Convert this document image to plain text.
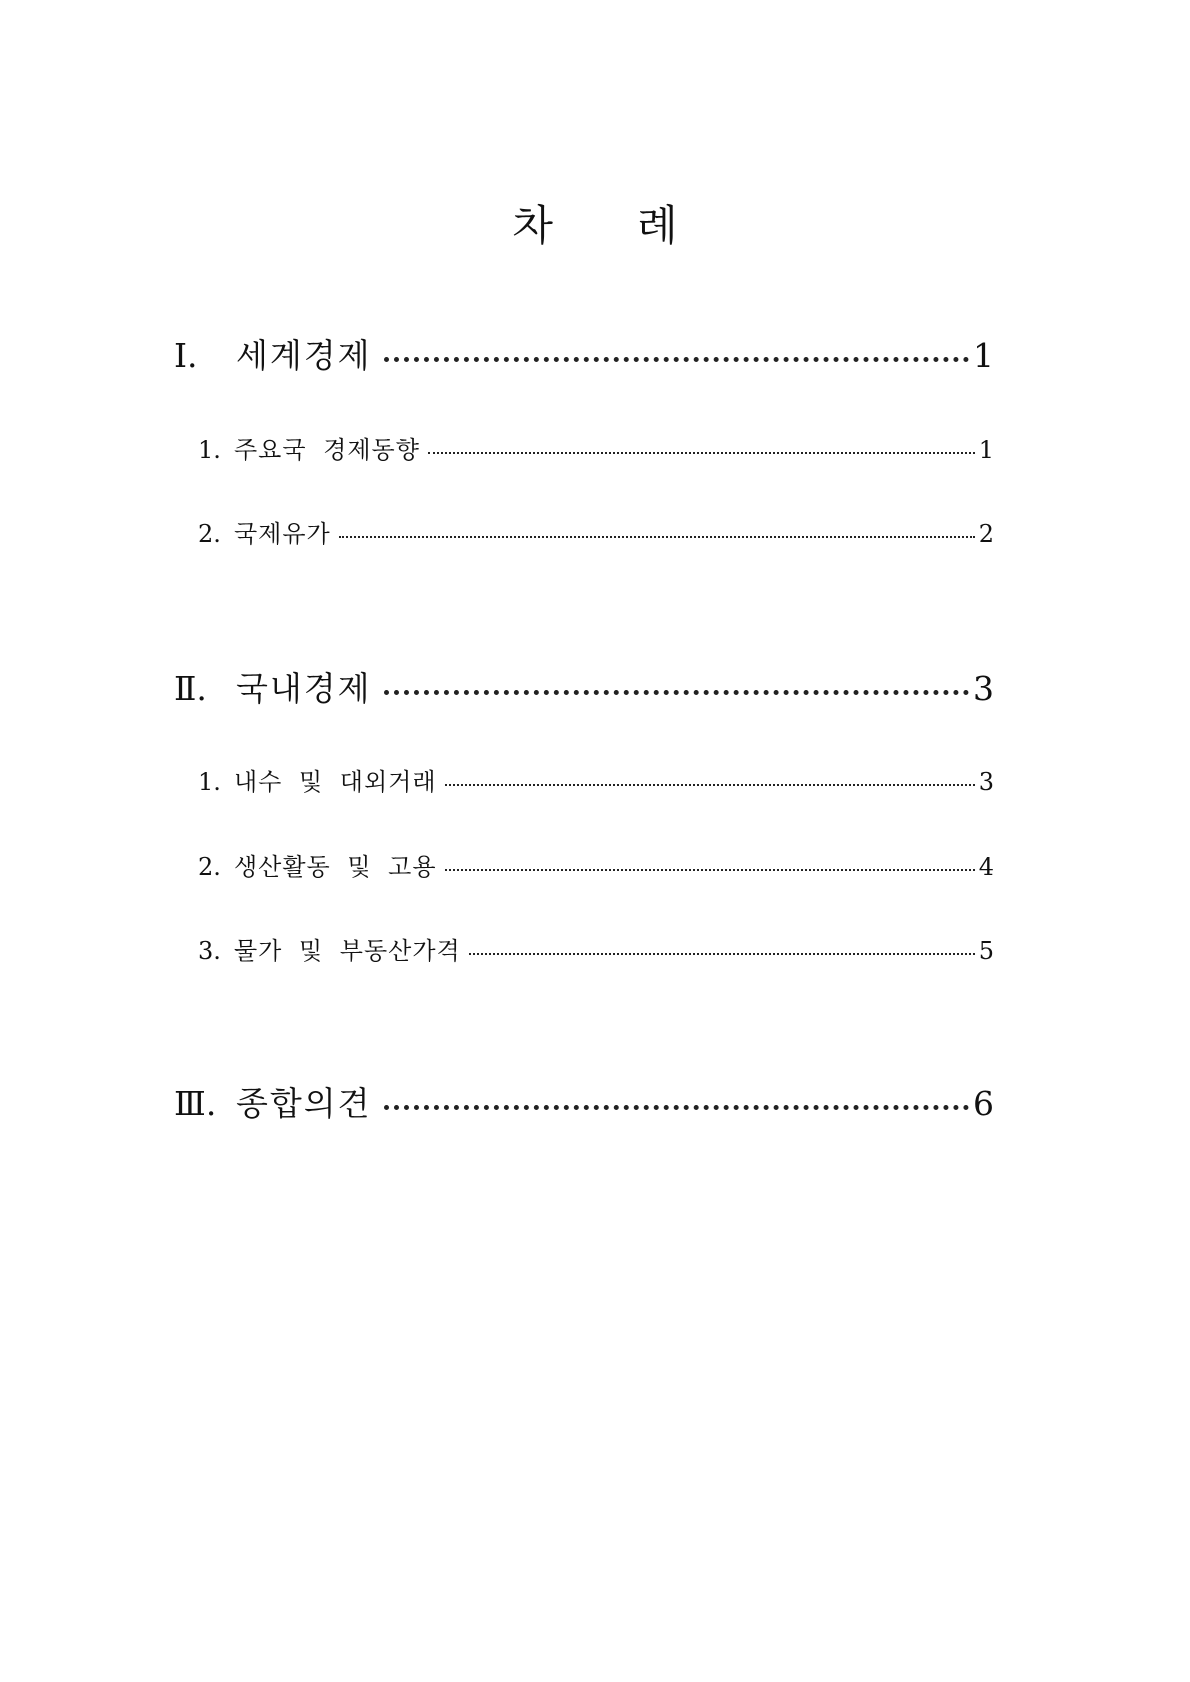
차　　례
Ⅰ.	세계경제	1
1. 주요국 경제동향	1
2. 국제유가	2
Ⅱ. 국내경제	3
1. 내수 및 대외거래	3
2. 생산활동 및 고용	4
3. 물가 및 부동산가격	5
Ⅲ. 종합의견	6
